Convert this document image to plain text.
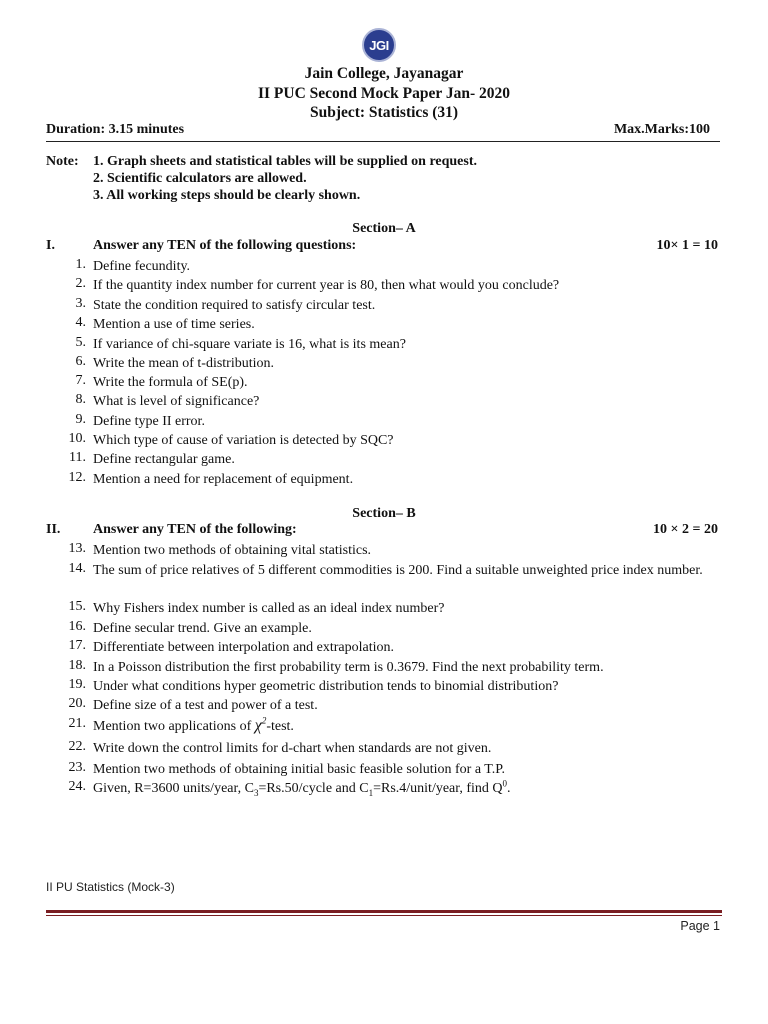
JGI
Jain College, Jayanagar
II PUC Second Mock Paper Jan- 2020
Subject: Statistics (31)
Duration: 3.15 minutes	Max.Marks:100
Note: 1. Graph sheets and statistical tables will be supplied on request.
2. Scientific calculators are allowed.
3. All working steps should be clearly shown.
Section– A
I.	Answer any TEN of the following questions:	10× 1 = 10
1. Define fecundity.
2. If the quantity index number for current year is 80, then what would you conclude?
3. State the condition required to satisfy circular test.
4. Mention a use of time series.
5. If variance of chi-square variate is 16, what is its mean?
6. Write the mean of t-distribution.
7. Write the formula of SE(p).
8. What is level of significance?
9. Define type II error.
10. Which type of cause of variation is detected by SQC?
11. Define rectangular game.
12. Mention a need for replacement of equipment.
Section– B
II. Answer any TEN of the following:	10 × 2 = 20
13. Mention two methods of obtaining vital statistics.
14. The sum of price relatives of 5 different commodities is 200. Find a suitable unweighted price index number.
15. Why Fishers index number is called as an ideal index number?
16. Define secular trend. Give an example.
17. Differentiate between interpolation and extrapolation.
18. In a Poisson distribution the first probability term is 0.3679. Find the next probability term.
19. Under what conditions hyper geometric distribution tends to binomial distribution?
20. Define size of a test and power of a test.
21. Mention two applications of $\chi^2$-test.
22. Write down the control limits for d-chart when standards are not given.
23. Mention two methods of obtaining initial basic feasible solution for a T.P.
24. Given, R=3600 units/year, $C_3=Rs.50$/cycle and $C_1=Rs.4/unit$/year, find $Q^0$.
II PU Statistics (Mock-3)
Page 1
